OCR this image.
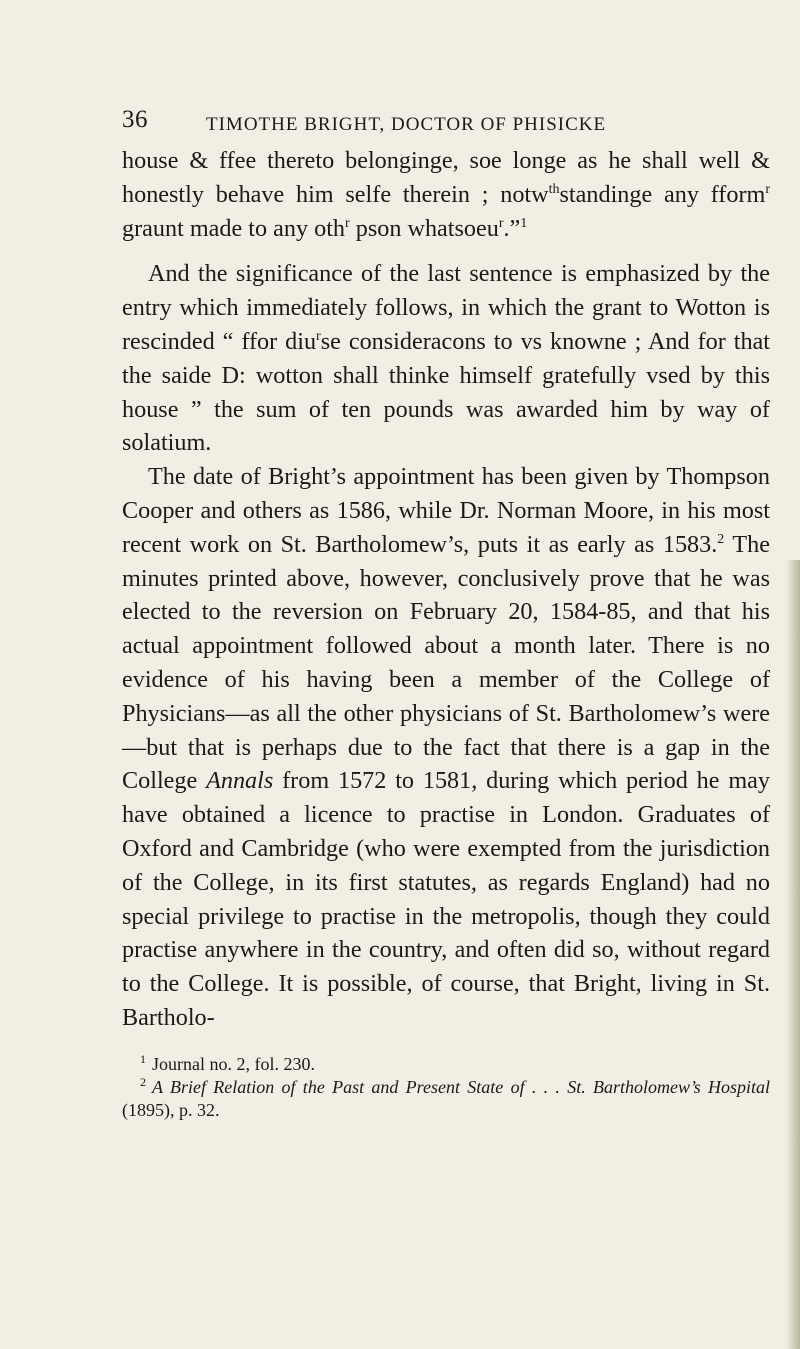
36	TIMOTHE BRIGHT, DOCTOR OF PHISICKE

house & ffee thereto belonginge, soe longe as he shall well & honestly behave him selfe therein ; notw$^{th}$standinge any fform$^r$ graunt made to any oth$^r$ pson whatsoeu$^r$.”$^1$

And the significance of the last sentence is emphasized by the entry which immediately follows, in which the grant to Wotton is rescinded “ ffor diu$^r$se consideracons to vs knowne ; And for that the saide D: wotton shall thinke himself gratefully vsed by this house ” the sum of ten pounds was awarded him by way of solatium.

The date of Bright’s appointment has been given by Thompson Cooper and others as 1586, while Dr. Norman Moore, in his most recent work on St. Bartholomew’s, puts it as early as 1583.$^2$ The minutes printed above, however, conclusively prove that he was elected to the reversion on February 20, 1584-85, and that his actual appointment followed about a month later. There is no evidence of his having been a member of the College of Physicians—as all the other physicians of St. Bartholomew’s were—but that is perhaps due to the fact that there is a gap in the College Annals from 1572 to 1581, during which period he may have obtained a licence to practise in London. Graduates of Oxford and Cambridge (who were exempted from the jurisdiction of the College, in its first statutes, as regards England) had no special privilege to practise in the metropolis, though they could practise anywhere in the country, and often did so, without regard to the College. It is possible, of course, that Bright, living in St. Bartholo-

$^1$ Journal no. 2, fol. 230.

$^2$ A Brief Relation of the Past and Present State of . . . St. Bartholomew’s Hospital (1895), p. 32.
